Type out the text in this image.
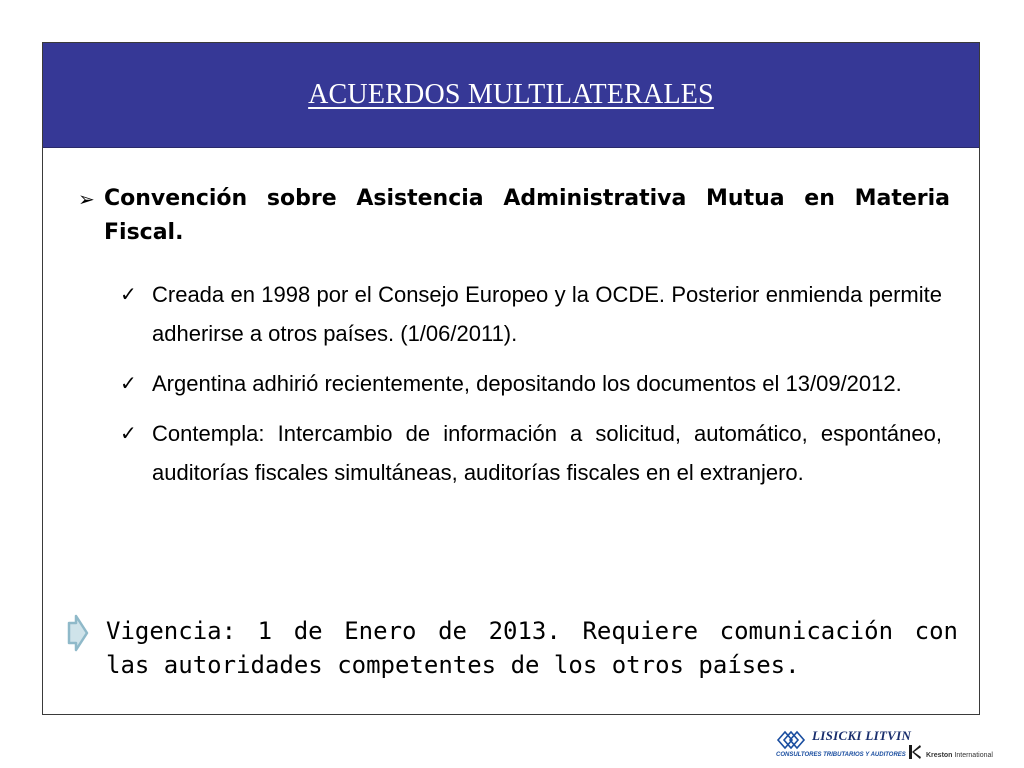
ACUERDOS MULTILATERALES
➢ Convención sobre Asistencia Administrativa Mutua en Materia Fiscal.
✓ Creada en 1998 por el Consejo Europeo y la OCDE. Posterior enmienda permite adherirse a otros países. (1/06/2011).
✓ Argentina adhirió recientemente, depositando los documentos el 13/09/2012.
✓ Contempla: Intercambio de información a solicitud, automático, espontáneo, auditorías fiscales simultáneas, auditorías fiscales en el extranjero.
Vigencia: 1 de Enero de 2013. Requiere comunicación con las autoridades competentes de los otros países.
LISICKI LITVIN
CONSULTORES TRIBUTARIOS Y AUDITORES	Kreston International
